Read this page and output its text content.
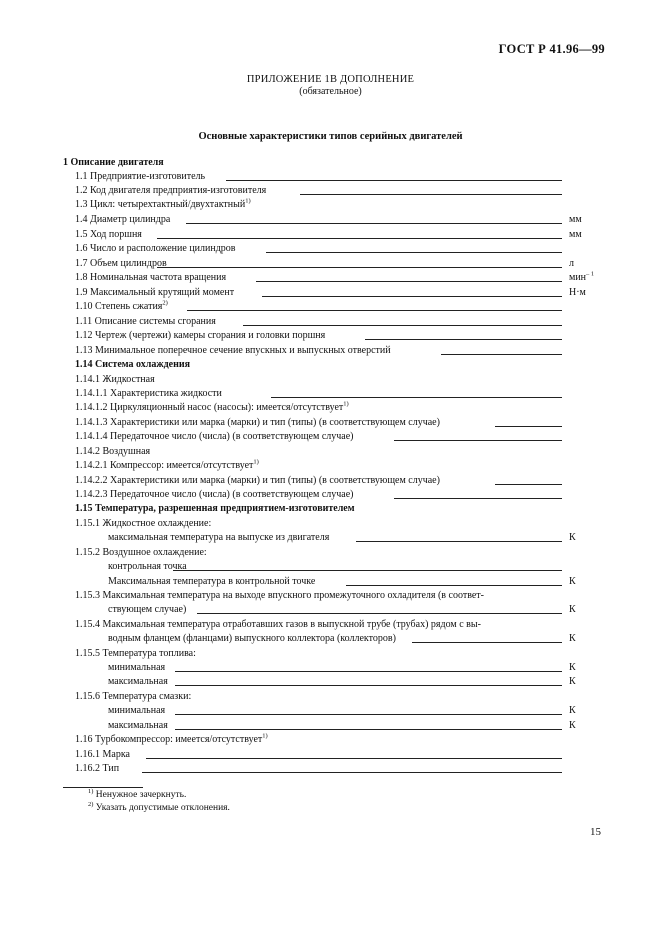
ГОСТ Р 41.96—99
ПРИЛОЖЕНИЕ 1В ДОПОЛНЕНИЕ
(обязательное)
Основные характеристики типов серийных двигателей
1 Описание двигателя
1.1 Предприятие-изготовитель
1.2 Код двигателя предприятия-изготовителя
1.3 Цикл: четырехтактный/двухтактный$^{1)}$
1.4 Диаметр цилиндра	мм
1.5 Ход поршня	мм
1.6 Число и расположение цилиндров
1.7 Объем цилиндров	л
1.8 Номинальная частота вращения	мин$^{- 1}$
1.9 Максимальный крутящий момент	Н·м
1.10 Степень сжатия$^{2)}$
1.11 Описание системы сгорания
1.12 Чертеж (чертежи) камеры сгорания и головки поршня
1.13 Минимальное поперечное сечение впускных и выпускных отверстий
1.14 Система охлаждения
1.14.1 Жидкостная
1.14.1.1 Характеристика жидкости
1.14.1.2 Циркуляционный насос (насосы): имеется/отсутствует$^{1)}$
1.14.1.3 Характеристики или марка (марки) и тип (типы) (в соответствующем случае)
1.14.1.4 Передаточное число (числа) (в соответствующем случае)
1.14.2 Воздушная
1.14.2.1 Компрессор: имеется/отсутствует$^{1)}$
1.14.2.2 Характеристики или марка (марки) и тип (типы) (в соответствующем случае)
1.14.2.3 Передаточное число (числа) (в соответствующем случае)
1.15 Температура, разрешенная предприятием-изготовителем
1.15.1 Жидкостное охлаждение:
максимальная температура на выпуске из двигателя	К
1.15.2 Воздушное охлаждение:
контрольная точка
Максимальная температура в контрольной точке	К
1.15.3 Максимальная температура на выходе впускного промежуточного охладителя (в соответ-
ствующем случае)	К
1.15.4 Максимальная температура отработавших газов в выпускной трубе (трубах) рядом с вы-
водным фланцем (фланцами) выпускного коллектора (коллекторов)	К
1.15.5 Температура топлива:
минимальная	К
максимальная	К
1.15.6 Температура смазки:
минимальная	К
максимальная	К
1.16 Турбокомпрессор: имеется/отсутствует$^{1)}$
1.16.1 Марка
1.16.2 Тип
$^{1)}$ Ненужное зачеркнуть.
$^{2)}$ Указать допустимые отклонения.
15
